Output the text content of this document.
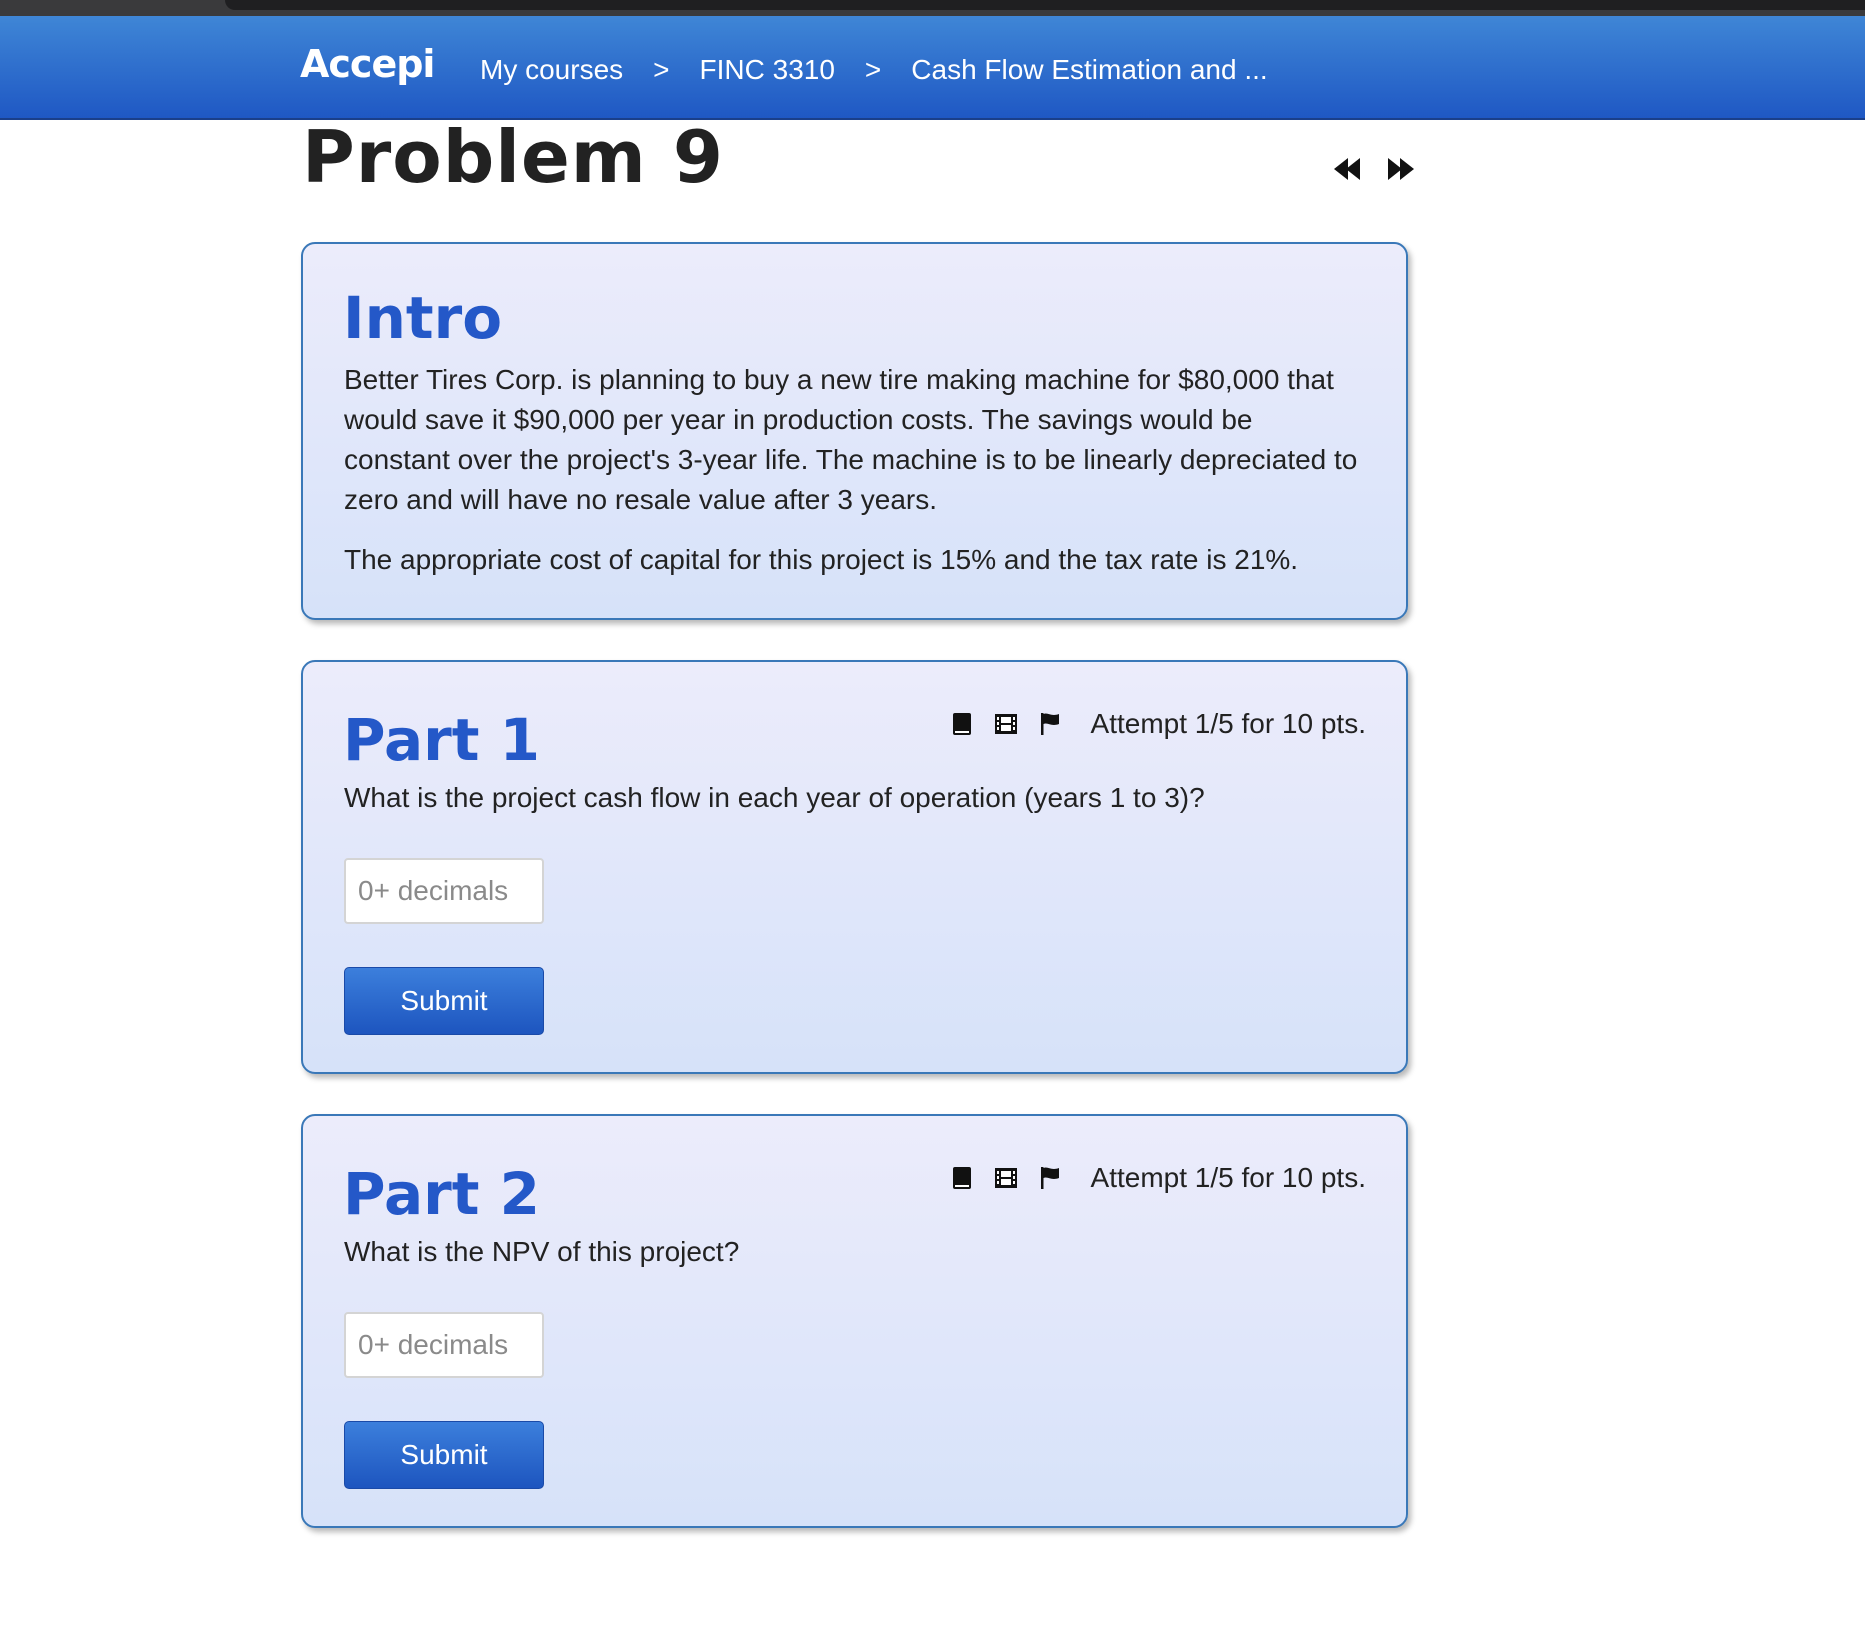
Accepi My courses > FINC 3310 > Cash Flow Estimation and ...
Problem 9
Intro

Better Tires Corp. is planning to buy a new tire making machine for $80,000 that would save it $90,000 per year in production costs. The savings would be constant over the project's 3-year life. The machine is to be linearly depreciated to zero and will have no resale value after 3 years.

The appropriate cost of capital for this project is 15% and the tax rate is 21%.

Part 1	Attempt 1/5 for 10 pts.

What is the project cash flow in each year of operation (years 1 to 3)?

0+ decimals
Submit
Part 2	Attempt 1/5 for 10 pts.

What is the NPV of this project?

0+ decimals
Submit
